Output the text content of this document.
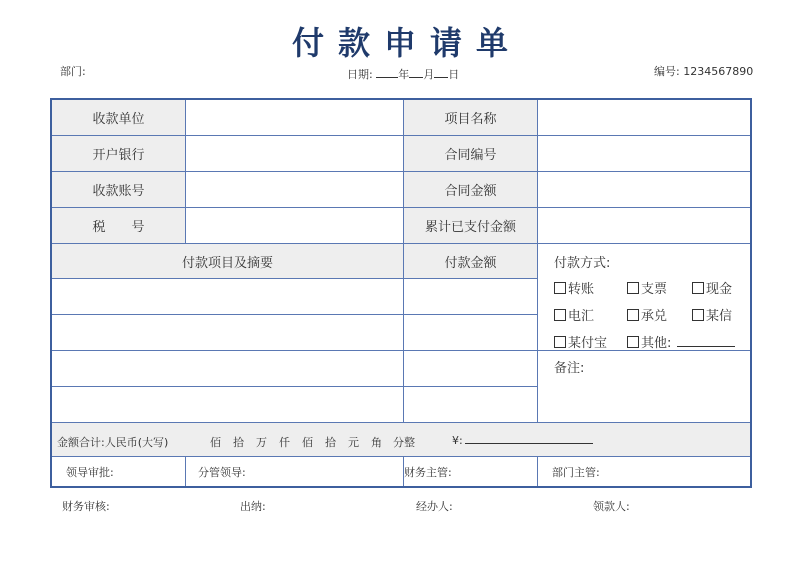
付款申请单
部门:	日期: 年 月 日	编号: 1234567890
收款单位	项目名称
开户银行	合同编号
收款账号	合同金额
税　　号	累计已支付金额
付款项目及摘要	付款金额	付款方式:
转账	支票	现金
电汇	承兑	某信
某付宝	其他:
备注:
金额合计:人民币(大写)	佰 拾 万 仟 佰 拾 元 角 分整	¥:
领导审批:	分管领导:	财务主管:	部门主管:
财务审核:	出纳:	经办人:	领款人:
